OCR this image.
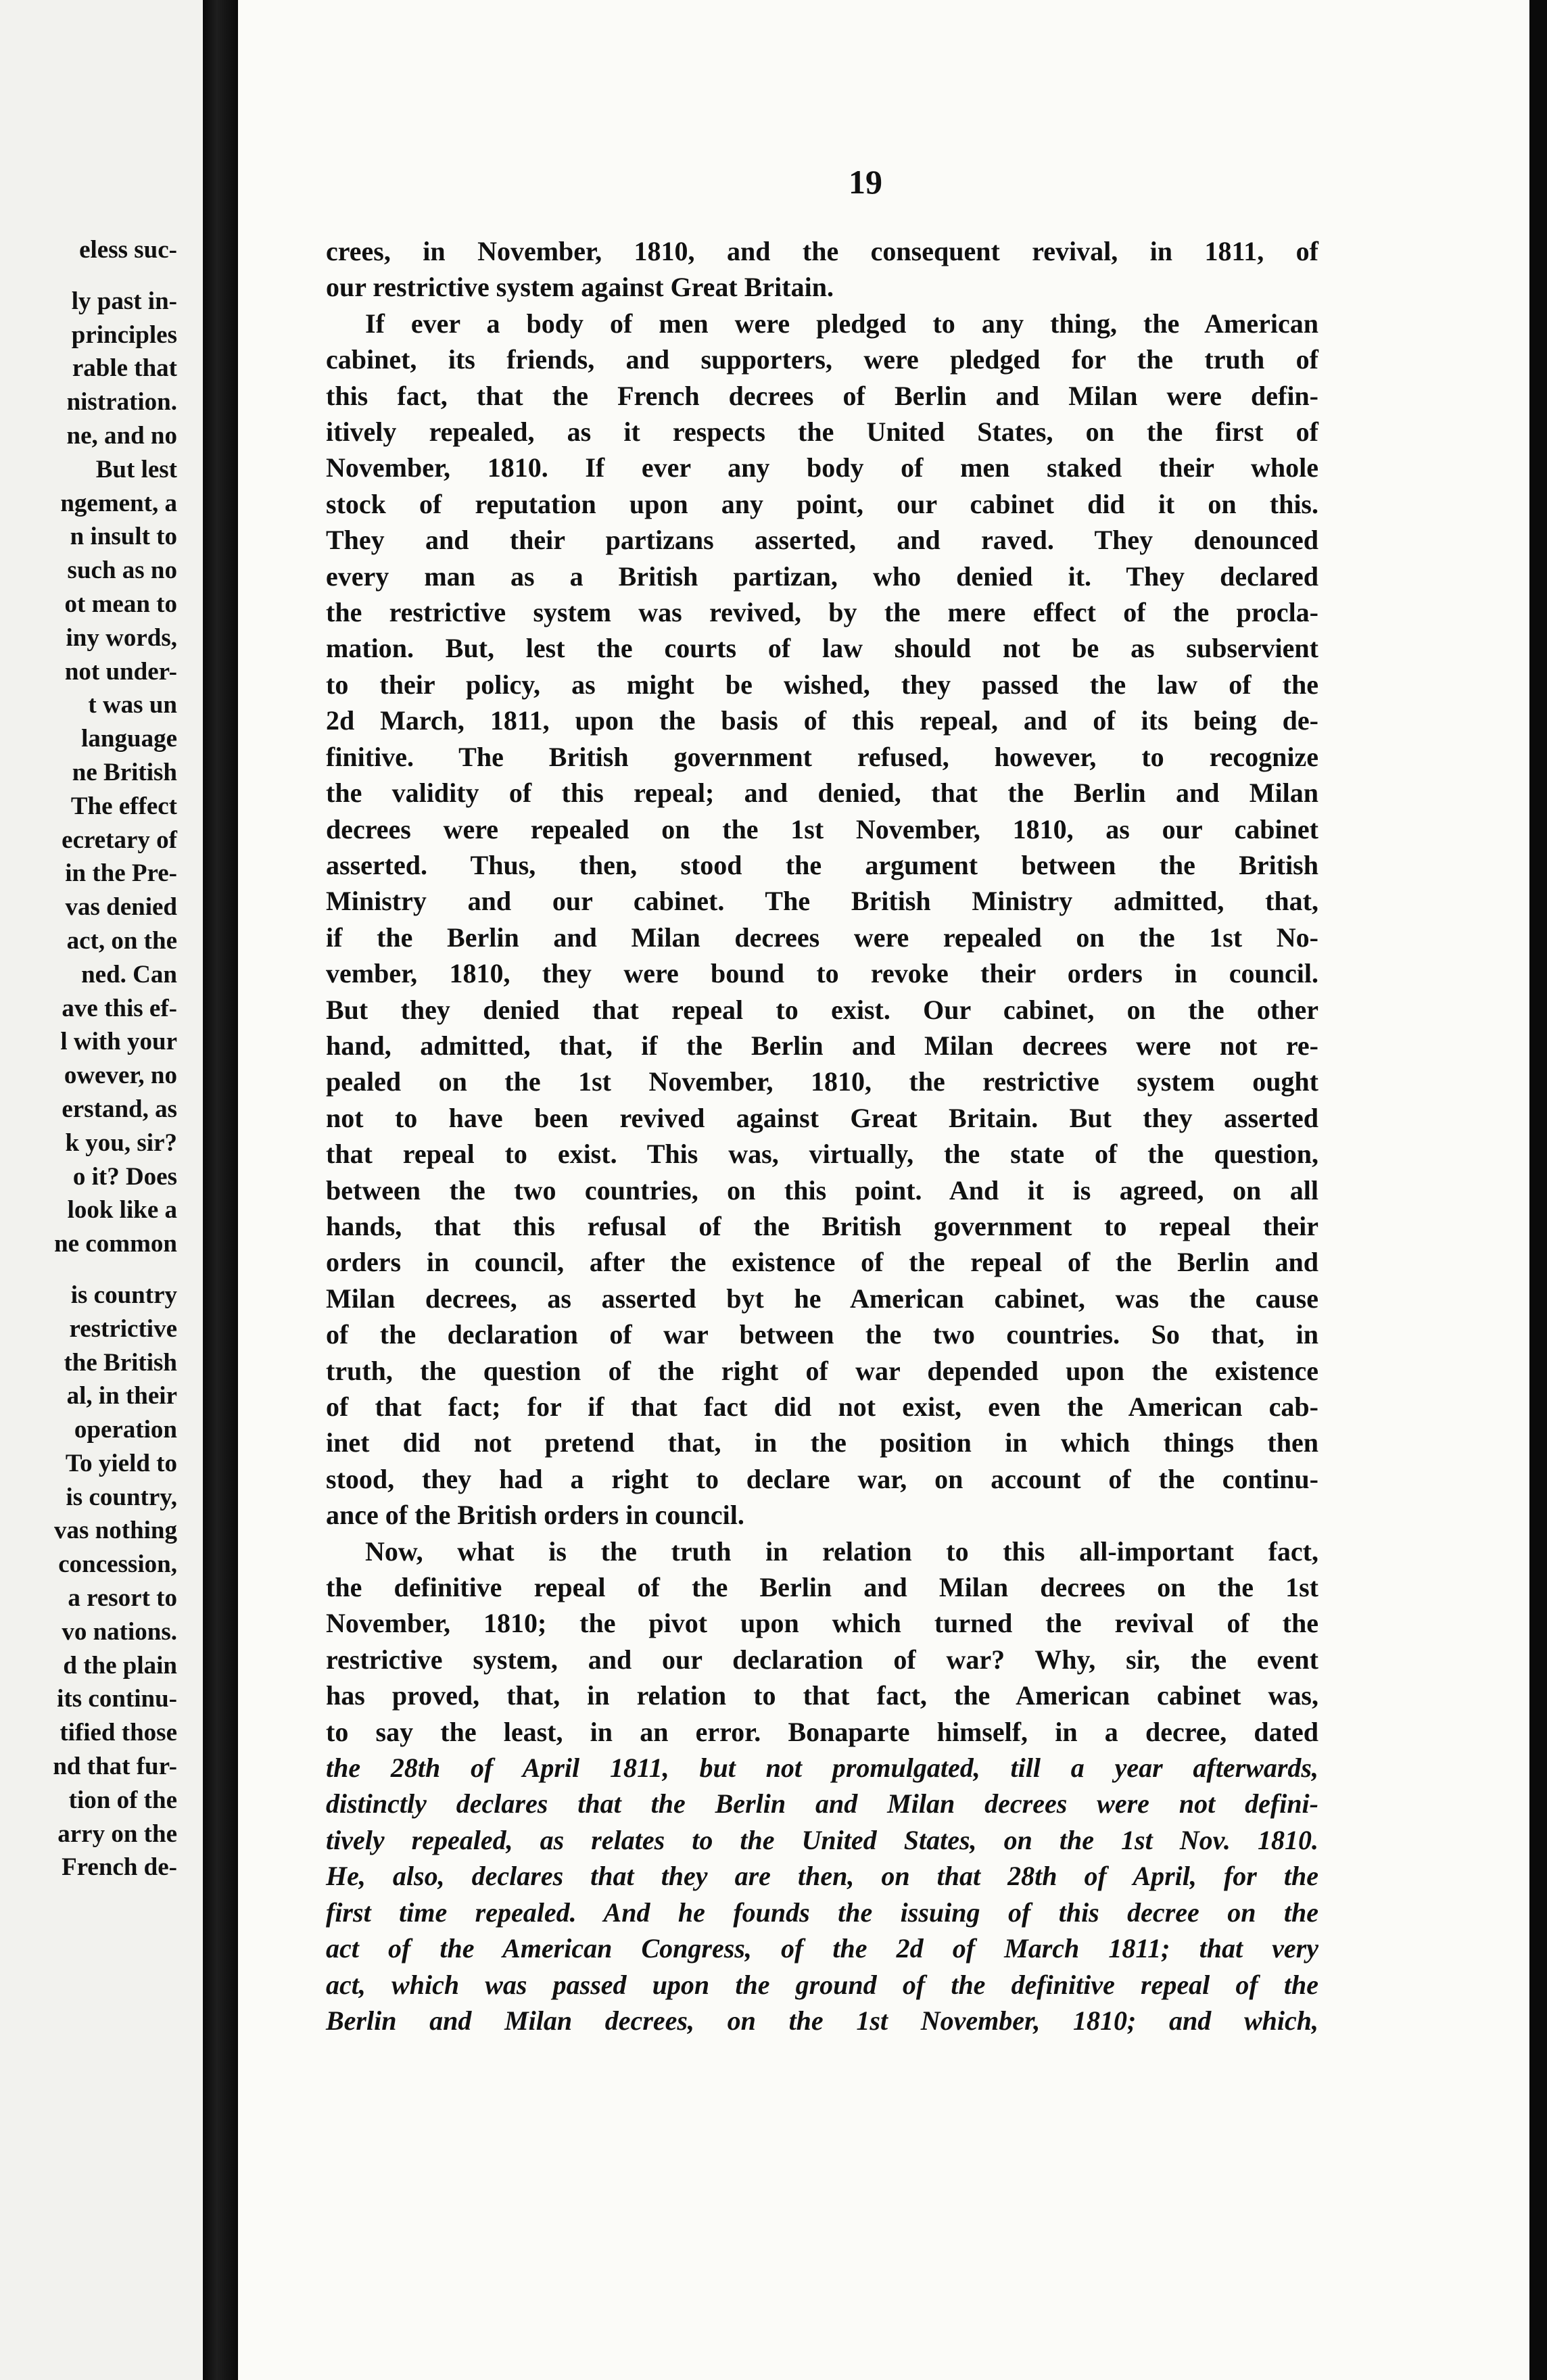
eless suc-
ly past in-
principles
rable that
nistration.
ne, and no
But lest
ngement, a
n insult to
such as no
ot mean to
iny words,
not under-
t was un
language
ne British
The effect
ecretary of
in the Pre-
vas denied
act, on the
ned. Can
ave this ef-
l with your
owever, no
erstand, as
k you, sir?
o it? Does
look like a
ne common
is country
restrictive
the British
al, in their
operation
To yield to
is country,
vas nothing
concession,
a resort to
vo nations.
d the plain
its continu-
tified those
nd that fur-
tion of the
arry on the
French de-
19
crees, in November, 1810, and the consequent revival, in 1811, of
our restrictive system against Great Britain.
If ever a body of men were pledged to any thing, the American
cabinet, its friends, and supporters, were pledged for the truth of
this fact, that the French decrees of Berlin and Milan were defin-
itively repealed, as it respects the United States, on the first of
November, 1810. If ever any body of men staked their whole
stock of reputation upon any point, our cabinet did it on this.
They and their partizans asserted, and raved. They denounced
every man as a British partizan, who denied it. They declared
the restrictive system was revived, by the mere effect of the procla-
mation. But, lest the courts of law should not be as subservient
to their policy, as might be wished, they passed the law of the
2d March, 1811, upon the basis of this repeal, and of its being de-
finitive. The British government refused, however, to recognize
the validity of this repeal; and denied, that the Berlin and Milan
decrees were repealed on the 1st November, 1810, as our cabinet
asserted. Thus, then, stood the argument between the British
Ministry and our cabinet. The British Ministry admitted, that,
if the Berlin and Milan decrees were repealed on the 1st No-
vember, 1810, they were bound to revoke their orders in council.
But they denied that repeal to exist. Our cabinet, on the other
hand, admitted, that, if the Berlin and Milan decrees were not re-
pealed on the 1st November, 1810, the restrictive system ought
not to have been revived against Great Britain. But they asserted
that repeal to exist. This was, virtually, the state of the question,
between the two countries, on this point. And it is agreed, on all
hands, that this refusal of the British government to repeal their
orders in council, after the existence of the repeal of the Berlin and
Milan decrees, as asserted byt he American cabinet, was the cause
of the declaration of war between the two countries. So that, in
truth, the question of the right of war depended upon the existence
of that fact; for if that fact did not exist, even the American cab-
inet did not pretend that, in the position in which things then
stood, they had a right to declare war, on account of the continu-
ance of the British orders in council.
Now, what is the truth in relation to this all-important fact,
the definitive repeal of the Berlin and Milan decrees on the 1st
November, 1810; the pivot upon which turned the revival of the
restrictive system, and our declaration of war? Why, sir, the event
has proved, that, in relation to that fact, the American cabinet was,
to say the least, in an error. Bonaparte himself, in a decree, dated
the 28th of April 1811, but not promulgated, till a year afterwards,
distinctly declares that the Berlin and Milan decrees were not defini-
tively repealed, as relates to the United States, on the 1st Nov. 1810.
He, also, declares that they are then, on that 28th of April, for the
first time repealed. And he founds the issuing of this decree on the
act of the American Congress, of the 2d of March 1811; that very
act, which was passed upon the ground of the definitive repeal of the
Berlin and Milan decrees, on the 1st November, 1810; and which,
